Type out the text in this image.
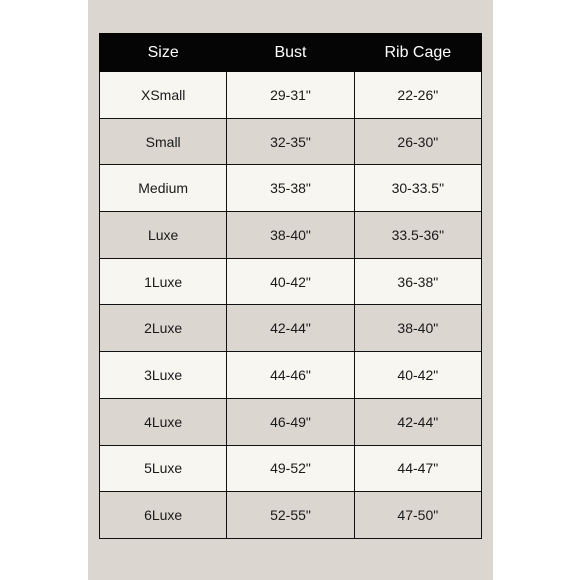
Size	Bust	Rib Cage
XSmall	29-31"	22-26"
Small	32-35"	26-30"
Medium	35-38"	30-33.5"
Luxe	38-40"	33.5-36"
1Luxe	40-42"	36-38"
2Luxe	42-44"	38-40"
3Luxe	44-46"	40-42"
4Luxe	46-49"	42-44"
5Luxe	49-52"	44-47"
6Luxe	52-55"	47-50"
